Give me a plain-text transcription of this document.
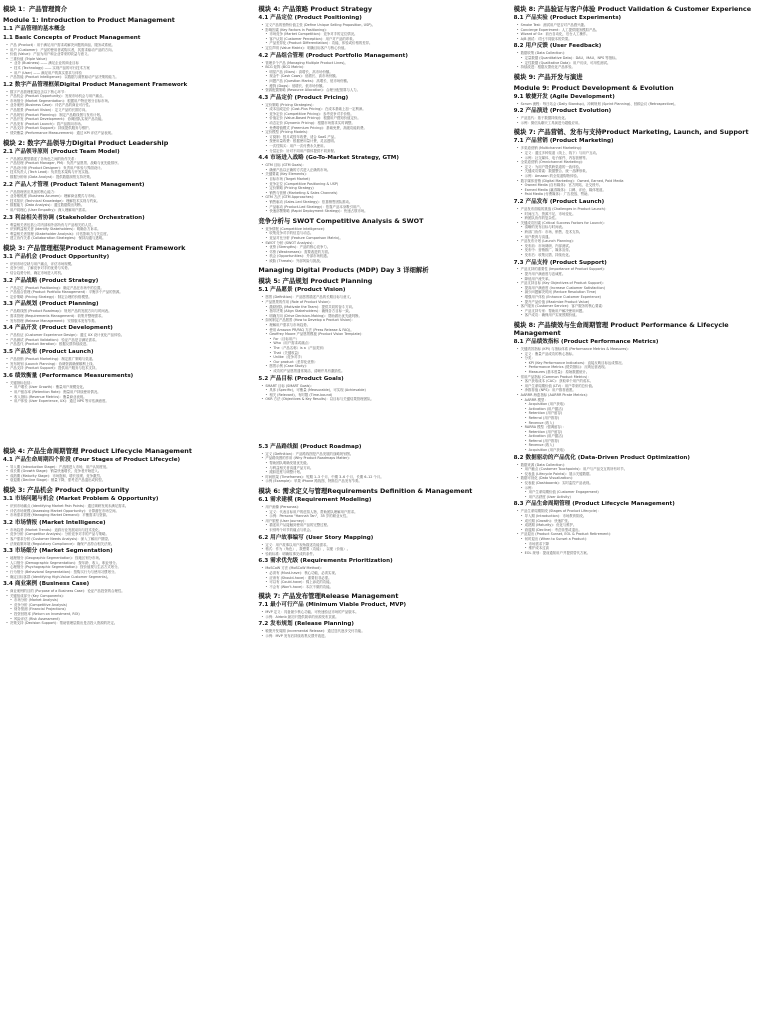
模块 1：产品管理简介
Module 1: Introduction to Product Management
1.1 产品管理的基本概念
1.1 Basic Concepts of Product Management
• 产品 (Product)：用于满足用户需求或解决问题的商品、服务或系统。
• 用户 (Customer)：产品的使用者或购买者，其需求驱动产品的方向。
• 价值 (Value)：产品为用户和企业带来的收益与意义。
• 三重价值 (Triple Value)
• 业务 (Business) —— 满足企业的商业目标
• 技术 (Technology) —— 实现产品的可行技术方案
• 用户 (User) —— 满足用户的真实需求与体验
• 产品智能 (Product Intelligence)：以数据与洞察驱动产品决策的能力。
1.2 数字产品管理框架Digital Product Management Framework
• 数字产品管理框架包含以下核心环节：
• 产品机会 (Product Opportunity)：发现市场机会与用户痛点。
• 市场细分 (Market Segmentation)：根据用户特征划分目标市场。
• 业务案例 (Business Case)：评估产品的商业可行性。
• 产品愿景 (Product Vision)：定义产品的长期方向。
• 产品规划 (Product Planning)：制定产品路线图与发布计划。
• 产品开发 (Product Development)：协调团队实现产品功能。
• 产品发布 (Product Launch)：将产品推向市场。
• 产品支持 (Product Support)：持续提供服务与维护。
• 绩效衡量 (Performance Measurement)：通过 KPI 评估产品表现。
模块 2: 数字产品领导力Digital Product Leadership
2.1 产品领导原则 (Product Team Model)
• 产品团队模型描述了各角色之间的协作关系：
• 产品经理 (Product Manager, PM)：负责产品愿景、战略与优先级排序。
• 产品设计师 (Product Designer)：负责用户体验与界面设计。
• 技术负责人 (Tech Lead)：负责技术架构与开发实施。
• 数据分析师 (Data Analyst)：提供数据洞察支持决策。
2.2 产品人才管理 (Product Talent Management)
• 产品管理者应具备的核心能力：
• 业务敏锐度 (Business Acumen)：理解商业模式与市场。
• 技术知识 (Technical Knowledge)：理解技术实现与约束。
• 数据能力 (Data Analysis)：通过数据做出判断。
• 用户同理心 (User Empathy)：深入理解用户需求。
2.3 利益相关者协调 (Stakeholder Orchestration)
• 利益相关者包括公司内部和外部所有与产品相关的人员。
• 识别利益相关者 (Identify Stakeholders)：明确各方诉求。
• 利益相关者管理 (Stakeholder Analysis)：评估影响力与关注度。
• 建立协作关系 (Collaboration Strategies)：保持沟通与透明。
模块 3: 产品管理框架Product Management Framework
3.1 产品机会 (Product Opportunity)
• 识别市场空缺与用户痛点，评估市场规模。
• 竞争分析，了解竞争对手的优势与劣势。
• 结合趋势分析，确定市场进入时机。
3.2 产品战略 (Product Strategy)
• 产品定位 (Product Positioning)：确定产品在市场中的位置。
• 产品组合管理 (Product Portfolio Management)：平衡多个产品的资源。
• 定价策略 (Pricing Strategy)：制定合理的价格模型。
3.3 产品规划 (Product Planning)
• 产品路线图 (Product Roadmap)：规划产品的发展方向与时间表。
• 需求管理 (Requirements Management)：收集并整理需求。
• 发布管理 (Release Management)：安排版本发布节奏。
3.4 产品开发 (Product Development)
• 产品验证 (Customer Experience Design)：通过 UX 设计优化产品体验。
• 产品测试 (Product Validation)：验证产品是否满足需求。
• 产品迭代 (Product Iteration)：根据反馈持续改进。
3.5 产品发布 (Product Launch)
• 产品营销 (Product Marketing)：制定推广策略与渠道。
• 发布规划 (Launch Planning)：协调资源确保顺利上线。
• 产品支持 (Product Support)：提供用户服务与技术支持。
3.6 绩效衡量 (Performance Measurements)
• 关键指标包括：
• 用户增长 (User Growth)：衡量用户规模变化。
• 用户留存率 (Retention Rate)：衡量用户持续使用情况。
• 收入指标 (Revenue Metrics)：衡量商业表现。
• 用户体验 (User Experience, UX)：通过 NPS 等评估满意度。
模块 4: 产品生命周期管理 Product Lifecycle Management
4.1 产品生命周期四个阶段 (Four Stages of Product Lifecycle)
• 导入期 (Introduction Stage)：产品刚进入市场，用户认知度低。
• 成长期 (Growth Stage)：销量快速增长，竞争者开始进入。
• 成熟期 (Maturity Stage)：市场饱和，增长放缓，竞争激烈。
• 衰退期 (Decline Stage)：销量下降，需考虑产品退出或转型。
模块 3: 产品机会 Product Opportunity
3.1 市场问题与机会 (Market Problem & Opportunity)
• 识别市场痛点 (Identifying Market Pain Points)：通过调研发现未满足需求。
• 评估市场规模 (Assessing Market Opportunity)：计算潜在市场空间。
• 市场需求管理 (Managing Market Demand)：平衡需求与资源。
3.2 市场情报 (Market Intelligence)
• 市场趋势 (Market Trends)：追踪行业发展动向与技术变化。
• 竞争分析 (Competitor Analysis)：分析竞争对手的产品与策略。
• 客户需求分析 (Customer Needs Analysis)：深入了解用户期望。
• 法规政策环境 (Regulatory Compliance)：确保产品符合相关法规。
3.3 市场细分 (Market Segmentation)
• 地理细分 (Geographic Segmentation)：按地区划分市场。
• 人口细分 (Demographic Segmentation)：按年龄、收入、职业划分。
• 心理细分 (Psychographic Segmentation)：按价值观与生活方式划分。
• 行为细分 (Behavioral Segmentation)：按购买行为与使用习惯划分。
• 确定目标客群 (Identifying High-Value Customer Segments)。
3.4 商业案例 (Business Case)
• 商业案例的目的 (Purpose of a Business Case)：论证产品投资的合理性。
• 关键组成部分 (Key Components)：
• 市场分析 (Market Analysis)
• 竞争分析 (Competitive Analysis)
• 财务预测 (Financial Projections)
• 投资回报率 (Return on Investment, ROI)
• 风险评估 (Risk Assessment)
• 决策支持 (Decision Support)：帮助管理层做出是否投入资源的决定。
模块 4: 产品策略 Product Strategy
4.1 产品定位 (Product Positioning)
• 定义产品的独特价值主张 (Define Unique Selling Proposition, USP)。
• 影响因素 (Key Factors in Positioning)：
• 市场竞争 (Market Competition)：竞争对手的定位情况。
• 客户认知 (Customer Perception)：用户对产品的印象。
• 产品差异化 (Product Differentiation)：功能、体验或价格的差异。
• 定位声明 (Value Matrix)：明确目标客户与核心价值。
4.2 产品组合管理 (Product Portfolio Management)
• 管理多个产品 (Managing Multiple Product Lines)。
• BCG 矩阵 (BCG Matrix)：
• 明星产品 (Stars)：高增长、高市场份额。
• 现金牛 (Cash Cows)：低增长、高市场份额。
• 问题产品 (Question Marks)：高增长、低市场份额。
• 瘦狗 (Dogs)：低增长、低市场份额。
• 资源配置策略 (Resource Allocation)：合理分配预算与人力。
4.3 产品定价 (Product Pricing)
• 定价策略 (Pricing Strategies)：
• 成本加成定价 (Cost-Plus Pricing)：在成本基础上加一定利润。
• 竞争定价 (Competitive Pricing)：参考竞争对手价格。
• 价值定价 (Value-Based Pricing)：根据用户感知价值定价。
• 动态定价 (Dynamic Pricing)：根据市场需求实时调整。
• 免费增值模式 (Freemium Pricing)：基础免费，高级功能收费。
• 定价模型 (Pricing Models)：
• 订阅制：按月或按年收费，适合 SaaS 产品。
• 按使用量收费：根据使用量计费，灵活透明。
• 一次性购买：用户一次付费永久使用。
• 分层定价：针对不同用户群体提供不同套餐。
4.4 市场进入战略 (Go-To-Market Strategy, GTM)
• GTM 目标 (GTM Goals)：
• 确保产品以正确的方式进入正确的市场。
• 关键要素 (Key Elements)：
• 目标市场 (Target Market)
• 竞争定位 (Competitive Positioning & USP)
• 定价策略 (Pricing Strategy)
• 销售与营销 (Marketing & Sales Channels)
• GTM 方法 (GTM Approaches)：
• 销售驱动 (Sales-Led Strategy)：依靠销售团队推动。
• 产品驱动 (Product-Led Strategy)：依靠产品本身吸引用户。
• 快速部署策略 (Rapid Deployment Strategy)：快速占领市场。
竞争分析与 SWOT Competitive Analysis & SWOT
• 竞争情报 (Competitive Intelligence)：
• 收集竞争对手的信息与动态。
• 竞品对比分析 (Feature Comparison Matrix)。
• SWOT 分析 (SWOT Analysis)：
• 优势 (Strengths)：产品的核心竞争力。
• 劣势 (Weaknesses)：需要改进的方面。
• 机会 (Opportunities)：外部市场机遇。
• 威胁 (Threats)：外部风险与挑战。
Managing Digital Products (MDP) Day 3 详细解析
模块 5: 产品规划 Product Planning
5.1 产品愿景 (Product Vision)
• 愿景 (Definition)：产品愿景描述产品的长期目标与意义。
• 产品愿景的作用 (Role of Product Vision)：
• 激励团队 (Motivate the Team)：提供共同的奋斗方向。
• 指导决策 (Align Stakeholders)：确保各方目标一致。
• 明确方向 (Drive Decision-Making)：帮助做出优先级判断。
• 如何制定产品愿景 (How to Develop a Product Vision)：
• 理解用户需求与市场趋势。
• 使用 Amazon PR/FAQ 方法 (Press Release & FAQ)。
• Geoffrey Moore 产品愿景模板 (Product Vision Template)：
• For（目标用户）
• Who（用户需求或痛点）
• The（产品名称）is a（产品类别）
• That（关键收益）
• Unlike（竞争对手）
• Our product（差异化优势）
• 愿景示例 (Case Study)：
• 成功的产品愿景通常简洁、清晰并具有激励性。
5.2 产品目标 (Product Goals)
• SMART 目标 (SMART Goals)：
• 具体 (Specific)、可衡量 (Measurable)、可实现 (Achievable)
• 相关 (Relevant)、有时限 (Time-bound)
• OKR 方法 (Objectives & Key Results)：以目标与关键结果管理团队。
5.3 产品路线图 (Product Roadmap)
• 定义 (Definition)：产品路线图是产品发展的战略规划图。
• 产品路线图的作用 (Why Product Roadmaps Matter)：
• 帮助团队明确发展优先级。
• 与利益相关者沟通产品方向。
• 跟踪进度与调整计划。
• 时间框架 (Timeframes)：短期 1–3 个月、中期 3–6 个月、长期 6–12 个月。
• 示例 (Example)：苹果 iPhone 路线图、特斯拉产品发布节奏。
模块 6: 需求定义与管理Requirements Definition & Management
6.1 需求建模 (Requirement Modeling)
• 用户画像 (Personas)：
• 定义：代表目标用户的虚拟人物，帮助团队理解用户需求。
• 示例：Persona "Hannah Tan"，35 岁的职业女性。
• 用户旅程 (User Journey)：
• 描述用户从接触到使用产品的完整过程。
• 识别每个环节的痛点与机会。
6.2 用户故事编写 (User Story Mapping)
• 定义：用户故事以用户视角描述功能需求。
• 格式：作为（角色），我想要（功能），以便（价值）。
• 验收标准：明确故事完成的条件。
6.3 需求优先级 (Requirements Prioritization)
• MoSCoW 方法 (MoSCoW Method)：
• 必须有 (Must-have)：核心功能，必须实现。
• 应该有 (Should-have)：重要但非必需。
• 可以有 (Could-have)：锦上添花的功能。
• 不会有 (Won't-have)：本次不做的功能。
模块 7: 产品发布管理Release Management
7.1 最小可行产品 (Minimum Viable Product, MVP)
• MVP 定义：具备最少核心功能、可快速验证市场的产品版本。
• 示例：Airbnb 最初只提供简单的房源发布页面。
7.2 发布规划 (Release Planning)
• 敏捷开发周期 (Incremental Release)：通过迭代逐步交付功能。
• 示例：MVP 发布后持续收集反馈并改进。
模块 8: 产品验证与客户体验 Product Validation & Customer Experience
8.1 产品实验 (Product Experiments)
• Smoke Test：测试用户是否对产品感兴趣。
• Concierge Experiment：人工提供服务模拟产品。
• Wizard of Oz：前台自动化，后台人工操作。
• A/B 测试：对比不同版本的效果。
8.2 用户反馈 (User Feedback)
• 数据收集 (Data Collection)：
• 定量数据 (Quantitative Data)：DAU、MAU、NPS 等指标。
• 定性数据 (Qualitative Data)：用户访谈、可用性测试。
• 持续改进：根据反馈优化产品体验。
模块 9: 产品开发与演进
Module 9: Product Development & Evolution
9.1 敏捷开发 (Agile Development)
• Scrum 流程：每日站会 (Daily Standup)、冲刺规划 (Sprint Planning)、回顾会议 (Retrospective)。
9.2 产品演进 (Product Evolution)
• 产品迭代：基于数据持续优化。
• 示例：微信从聊天工具演进为超级应用。
模块 7: 产品营销、发布与支持Product Marketing, Launch, and Support
7.1 产品营销 (Product Marketing)
• 多渠道营销 (Multichannel Marketing)：
• 定义：通过多种渠道（线上、线下）与用户互动。
• 示例：社交媒体、电子邮件、内容营销等。
• 全渠道营销 (Omnichannel Marketing)：
• 定义：为用户提供跨渠道的一致体验。
• 关键成功要素：数据整合、统一品牌形象。
• 示例：Amazon 的全渠道购物体验。
• 数字媒体营销 (Digital Marketing)：Owned, Earned, Paid Media
• Owned Media (自有媒体)：官方网站、社交账号。
• Earned Media (赢得媒体)：口碑、评论、媒体报道。
• Paid Media (付费媒体)：广告投放、赞助。
7.2 产品发布 (Product Launch)
• 产品发布面临的挑战 (Challenges in Product Launch)：
• 时间压力、资源不足、市场变化。
• 跨团队协作的复杂性。
• 关键成功因素 (Critical Success Factors for Launch)：
• 清晰的发布目标与时间表。
• 跨部门协作：市场、销售、技术支持。
• 用户教育与沟通。
• 产品发布计划 (Launch Planning)：
• 发布前：市场调研、内部测试。
• 发布中：营销推广、媒体宣传。
• 发布后：收集反馈、持续优化。
7.3 产品支持 (Product Support)
• 产品支持的重要性 (Importance of Product Support)：
• 提升用户满意度与忠诚度。
• 降低用户流失率。
• 产品支持目标 (Key Objectives of Product Support)：
• 提高用户满意度 (Increase Customer Satisfaction)
• 减少问题解决时间 (Reduce Resolution Time)
• 增强用户体验 (Enhance Customer Experience)
• 提升产品价值 (Maximize Product Value)
• 客户服务 (Customer Service)：客户服务的核心要素：
• 产品支持专家：帮助用户解决使用问题。
• 客户成功：确保用户实现预期价值。
模块 8: 产品绩效与生命周期管理 Product Performance & Lifecycle Management
8.1 产品绩效指标 (Product Performance Metrics)
• 关键绩效指标 (KPI) 与指标体系 (Performance Metrics & Measures)：
• 定义：衡量产品成功的核心指标。
• 分类：
• KPI (Key Performance Indicators)：直接反映目标达成情况。
• Performance Metrics (绩效指标)：反映运营表现。
• Measures (基本度量)：原始数据统计。
• 常用产品指标 (Common Product Metrics)：
• 客户获取成本 (CAC)：获取单个用户的成本。
• 用户生命周期价值 (LTV)：用户带来的总价值。
• 净推荐值 (NPS)：用户推荐意愿。
• AARRR 海盗指标 (AARRR Pirate Metrics)：
• AARRR 模型：
• Acquisition (用户获取)
• Activation (用户激活)
• Retention (用户留存)
• Referral (用户推荐)
• Revenue (收入)
• RARRA 模型（强调留存）：
• Retention (用户留存)
• Activation (用户激活)
• Referral (用户推荐)
• Revenue (收入)
• Acquisition (用户获取)
8.2 数据驱动的产品优化 (Data-Driven Product Optimization)
• 数据来源 (Data Collection)：
• 用户触点 (Customer Touchpoints)：用户与产品交互的所有环节。
• 仪表盘 (Lifecycle Pointsi)：展示关键数据。
• 数据可视化 (Data Visualization)：
• 仪表板 (Dashboards)：实时监控产品表现。
• 示例：
• 用户生命周期价值 (Customer Engagement)
• 用户活跃度 (User Activity)
8.3 产品生命周期管理 (Product Lifecycle Management)
• 产品生命周期阶段 (Stages of Product Lifecycle)：
• 导入期 (Introduction)：市场教育阶段。
• 成长期 (Growth)：快速扩张。
• 成熟期 (Maturity)：优化与维护。
• 衰退期 (Decline)：考虑转型或退出。
• 产品退出 (Product Sunset, EOL & Product Retirement)：
• 何时退出 (When to Sunset a Product)：
• 市场需求下降
• 维护成本过高
• EOL 规划：提前通知用户并提供替代方案。
